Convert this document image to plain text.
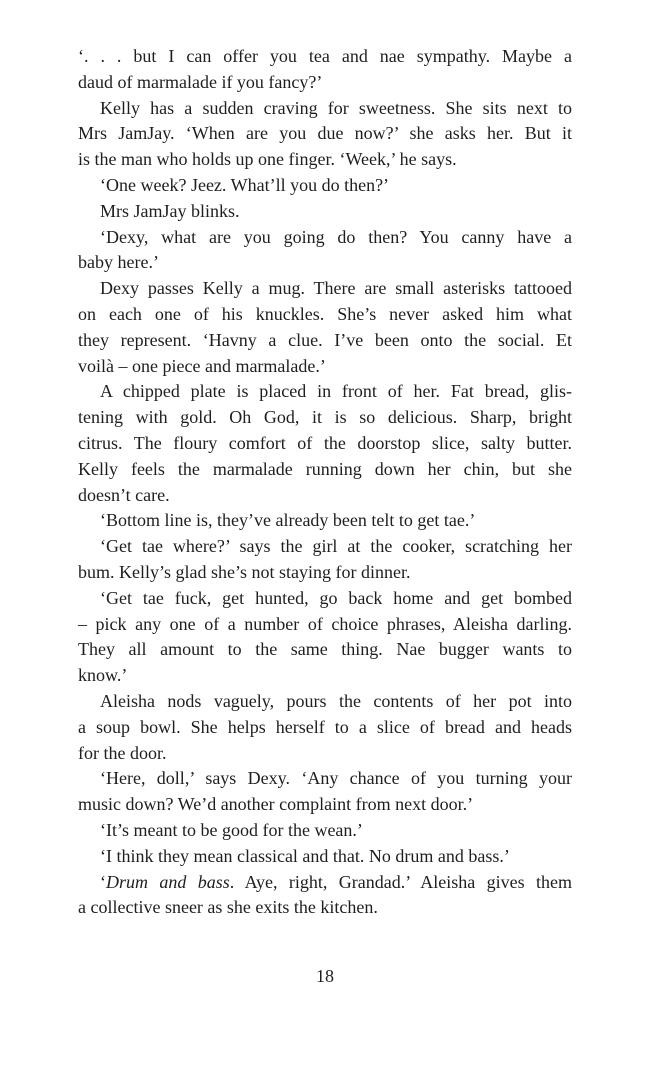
‘. . . but I can offer you tea and nae sympathy. Maybe a
daud of marmalade if you fancy?’
Kelly has a sudden craving for sweetness. She sits next to
Mrs JamJay. ‘When are you due now?’ she asks her. But it
is the man who holds up one finger. ‘Week,’ he says.
‘One week? Jeez. What’ll you do then?’
Mrs JamJay blinks.
‘Dexy, what are you going do then? You canny have a
baby here.’
Dexy passes Kelly a mug. There are small asterisks tattooed
on each one of his knuckles. She’s never asked him what
they represent. ‘Havny a clue. I’ve been onto the social. Et
voilà – one piece and marmalade.’
A chipped plate is placed in front of her. Fat bread, glis-
tening with gold. Oh God, it is so delicious. Sharp, bright
citrus. The floury comfort of the doorstop slice, salty butter.
Kelly feels the marmalade running down her chin, but she
doesn’t care.
‘Bottom line is, they’ve already been telt to get tae.’
‘Get tae where?’ says the girl at the cooker, scratching her
bum. Kelly’s glad she’s not staying for dinner.
‘Get tae fuck, get hunted, go back home and get bombed
– pick any one of a number of choice phrases, Aleisha darling.
They all amount to the same thing. Nae bugger wants to
know.’
Aleisha nods vaguely, pours the contents of her pot into
a soup bowl. She helps herself to a slice of bread and heads
for the door.
‘Here, doll,’ says Dexy. ‘Any chance of you turning your
music down? We’d another complaint from next door.’
‘It’s meant to be good for the wean.’
‘I think they mean classical and that. No drum and bass.’
‘Drum and bass. Aye, right, Grandad.’ Aleisha gives them
a collective sneer as she exits the kitchen.
18
